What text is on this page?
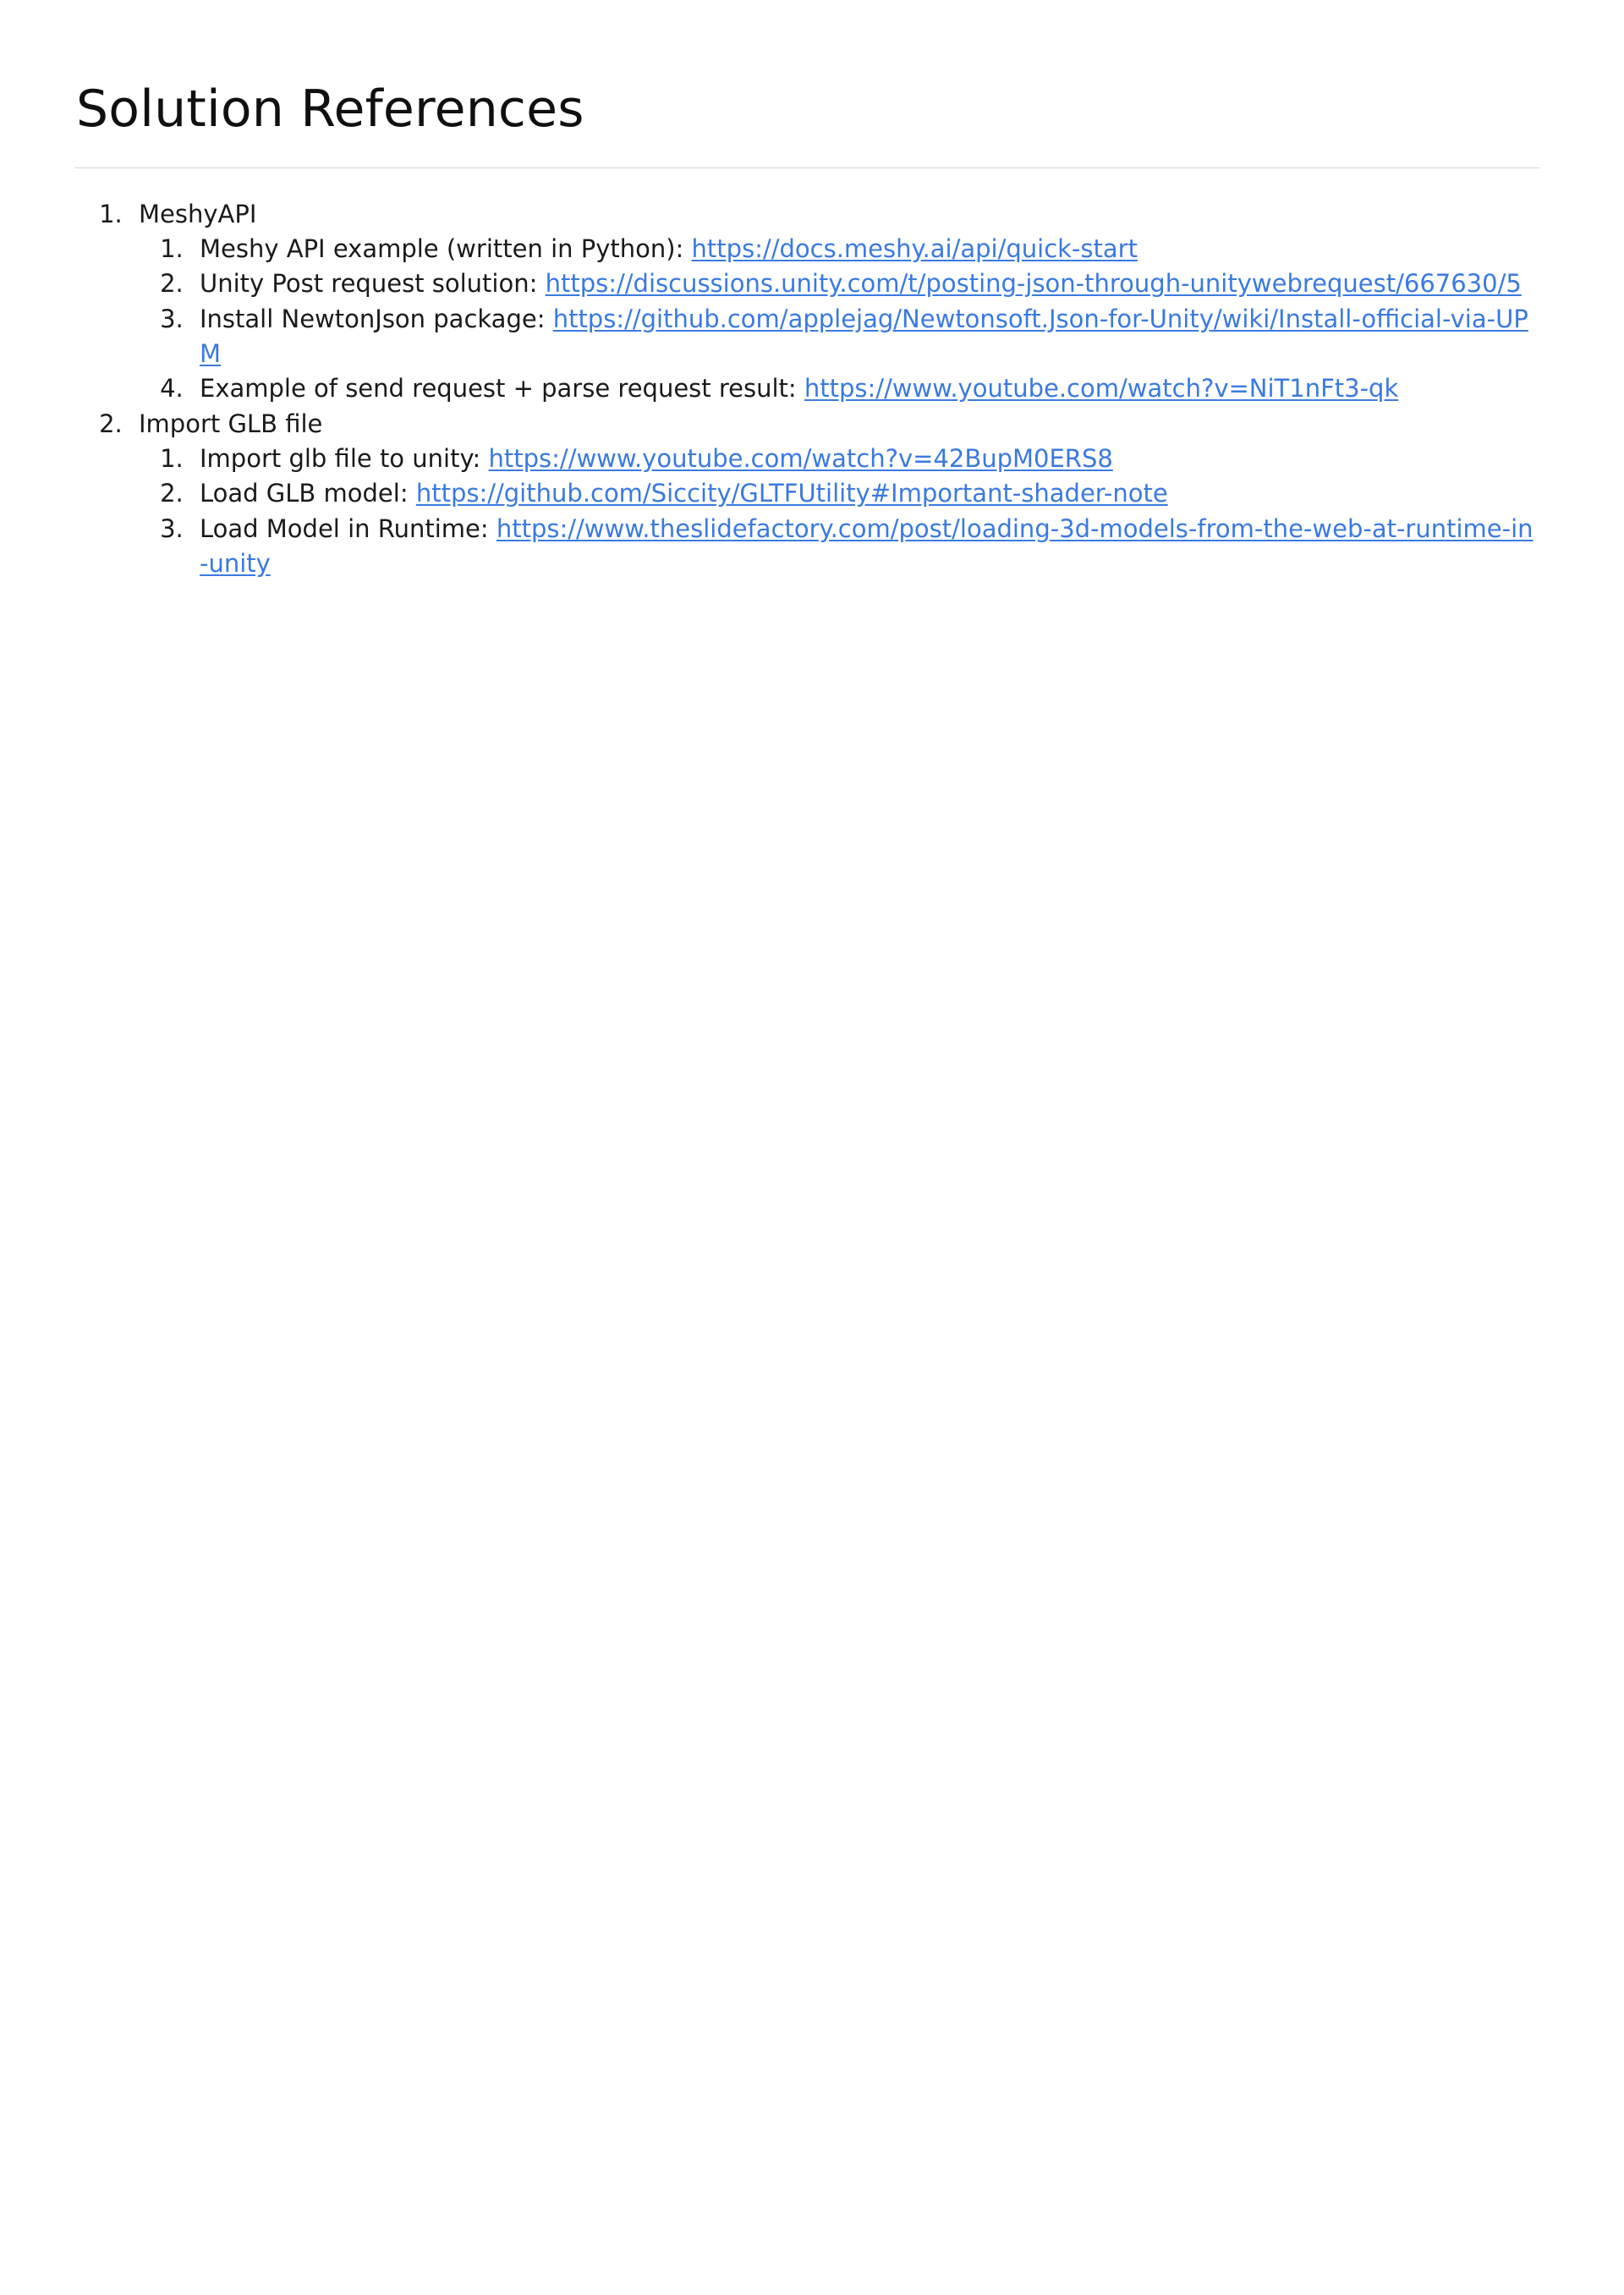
Solution References
1. MeshyAPI
1. Meshy API example (written in Python): https://docs.meshy.ai/api/quick-start
2. Unity Post request solution: https://discussions.unity.com/t/posting-json-through-unitywebrequest/667630/5
3. Install NewtonJson package: https://github.com/applejag/Newtonsoft.Json-for-Unity/wiki/Install-official-via-UPM
4. Example of send request + parse request result: https://www.youtube.com/watch?v=NiT1nFt3-qk
2. Import GLB file
1. Import glb file to unity: https://www.youtube.com/watch?v=42BupM0ERS8
2. Load GLB model: https://github.com/Siccity/GLTFUtility#Important-shader-note
3. Load Model in Runtime: https://www.theslidefactory.com/post/loading-3d-models-from-the-web-at-runtime-in-unity
